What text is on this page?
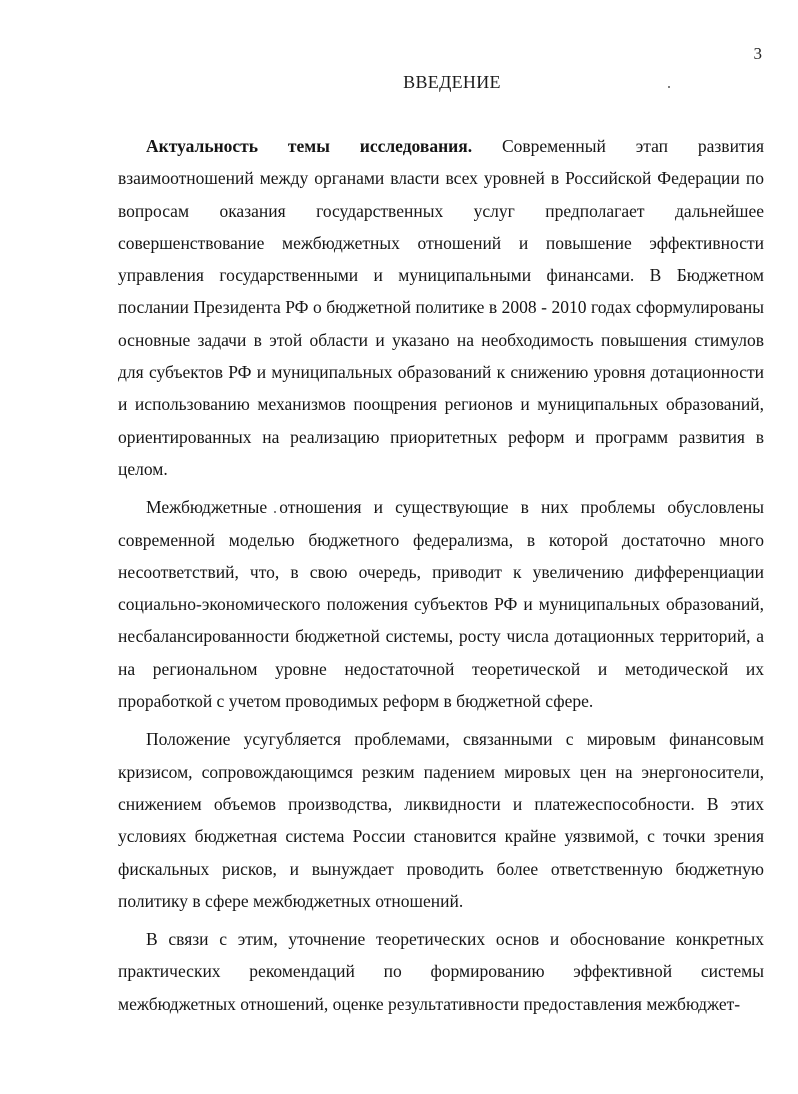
3
ВВЕДЕНИЕ

Актуальность темы исследования. Современный этап развития взаимоотношений между органами власти всех уровней в Российской Федерации по вопросам оказания государственных услуг предполагает дальнейшее совершенствование межбюджетных отношений и повышение эффективности управления государственными и муниципальными финансами. В Бюджетном послании Президента РФ о бюджетной политике в 2008 - 2010 годах сформулированы основные задачи в этой области и указано на необходимость повышения стимулов для субъектов РФ и муниципальных образований к снижению уровня дотационности и использованию механизмов поощрения регионов и муниципальных образований, ориентированных на реализацию приоритетных реформ и программ развития в целом.

Межбюджетные отношения и существующие в них проблемы обусловлены современной моделью бюджетного федерализма, в которой достаточно много несоответствий, что, в свою очередь, приводит к увеличению дифференциации социально-экономического положения субъектов РФ и муниципальных образований, несбалансированности бюджетной системы, росту числа дотационных территорий, а на региональном уровне недостаточной теоретической и методической их проработкой с учетом проводимых реформ в бюджетной сфере.

Положение усугубляется проблемами, связанными с мировым финансовым кризисом, сопровождающимся резким падением мировых цен на энергоносители, снижением объемов производства, ликвидности и платежеспособности. В этих условиях бюджетная система России становится крайне уязвимой, с точки зрения фискальных рисков, и вынуждает проводить более ответственную бюджетную политику в сфере межбюджетных отношений.

В связи с этим, уточнение теоретических основ и обоснование конкретных практических рекомендаций по формированию эффективной системы межбюджетных отношений, оценке результативности предоставления межбюджет-
